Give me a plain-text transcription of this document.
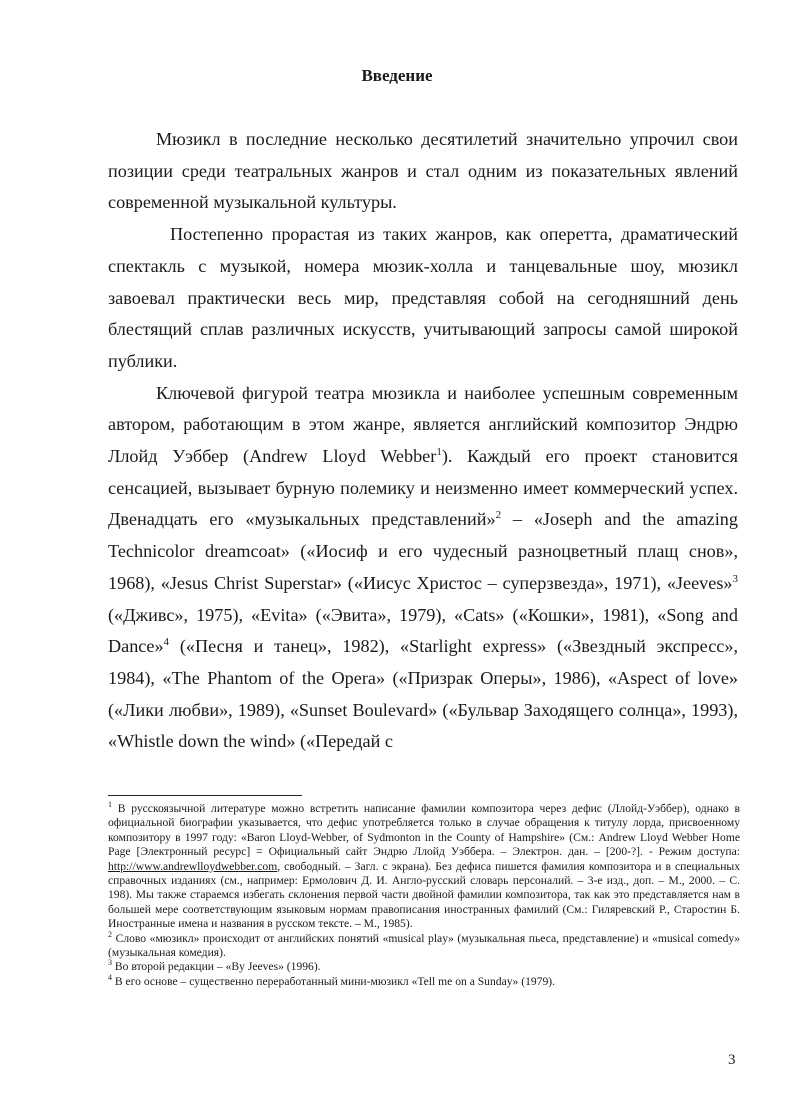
Введение

Мюзикл в последние несколько десятилетий значительно упрочил свои позиции среди театральных жанров и стал одним из показательных явлений современной музыкальной культуры.

Постепенно прорастая из таких жанров, как оперетта, драматический спектакль с музыкой, номера мюзик-холла и танцевальные шоу, мюзикл завоевал практически весь мир, представляя собой на сегодняшний день блестящий сплав различных искусств, учитывающий запросы самой широкой публики.

Ключевой фигурой театра мюзикла и наиболее успешным современным автором, работающим в этом жанре, является английский композитор Эндрю Ллойд Уэббер (Andrew Lloyd Webber$^1$). Каждый его проект становится сенсацией, вызывает бурную полемику и неизменно имеет коммерческий успех. Двенадцать его «музыкальных представлений»$^2$ – «Joseph and the amazing Technicolor dreamcoat» («Иосиф и его чудесный разноцветный плащ снов», 1968), «Jesus Christ Superstar» («Иисус Христос – суперзвезда», 1971), «Jeeves»$^3$ («Дживс», 1975), «Evita» («Эвита», 1979), «Cats» («Кошки», 1981), «Song and Dance»$^4$ («Песня и танец», 1982), «Starlight express» («Звездный экспресс», 1984), «The Phantom of the Opera» («Призрак Оперы», 1986), «Aspect of love» («Лики любви», 1989), «Sunset Boulevard» («Бульвар Заходящего солнца», 1993), «Whistle down the wind» («Передай с

$^1$ В русскоязычной литературе можно встретить написание фамилии композитора через дефис (Ллойд-Уэббер), однако в официальной биографии указывается, что дефис употребляется только в случае обращения к титулу лорда, присвоенному композитору в 1997 году: «Baron Lloyd-Webber, of Sydmonton in the County of Hampshire» (См.: Andrew Lloyd Webber Home Page [Электронный ресурс] = Официальный сайт Эндрю Ллойд Уэббера. – Электрон. дан. – [200-?]. - Режим доступа: http://www.andrewlloydwebber.com, свободный. – Загл. с экрана). Без дефиса пишется фамилия композитора и в специальных справочных изданиях (см., например: Ермолович Д. И. Англо-русский словарь персоналий. – 3-е изд., доп. – М., 2000. – С. 198). Мы также стараемся избегать склонения первой части двойной фамилии композитора, так как это представляется нам в большей мере соответствующим языковым нормам правописания иностранных фамилий (См.: Гиляревский Р., Старостин Б. Иностранные имена и названия в русском тексте. – М., 1985).

$^2$ Слово «мюзикл» происходит от английских понятий «musical play» (музыкальная пьеса, представление) и «musical comedy» (музыкальная комедия).

$^3$ Во второй редакции – «By Jeeves» (1996).

$^4$ В его основе – существенно переработанный мини-мюзикл «Tell me on a Sunday» (1979).

3
